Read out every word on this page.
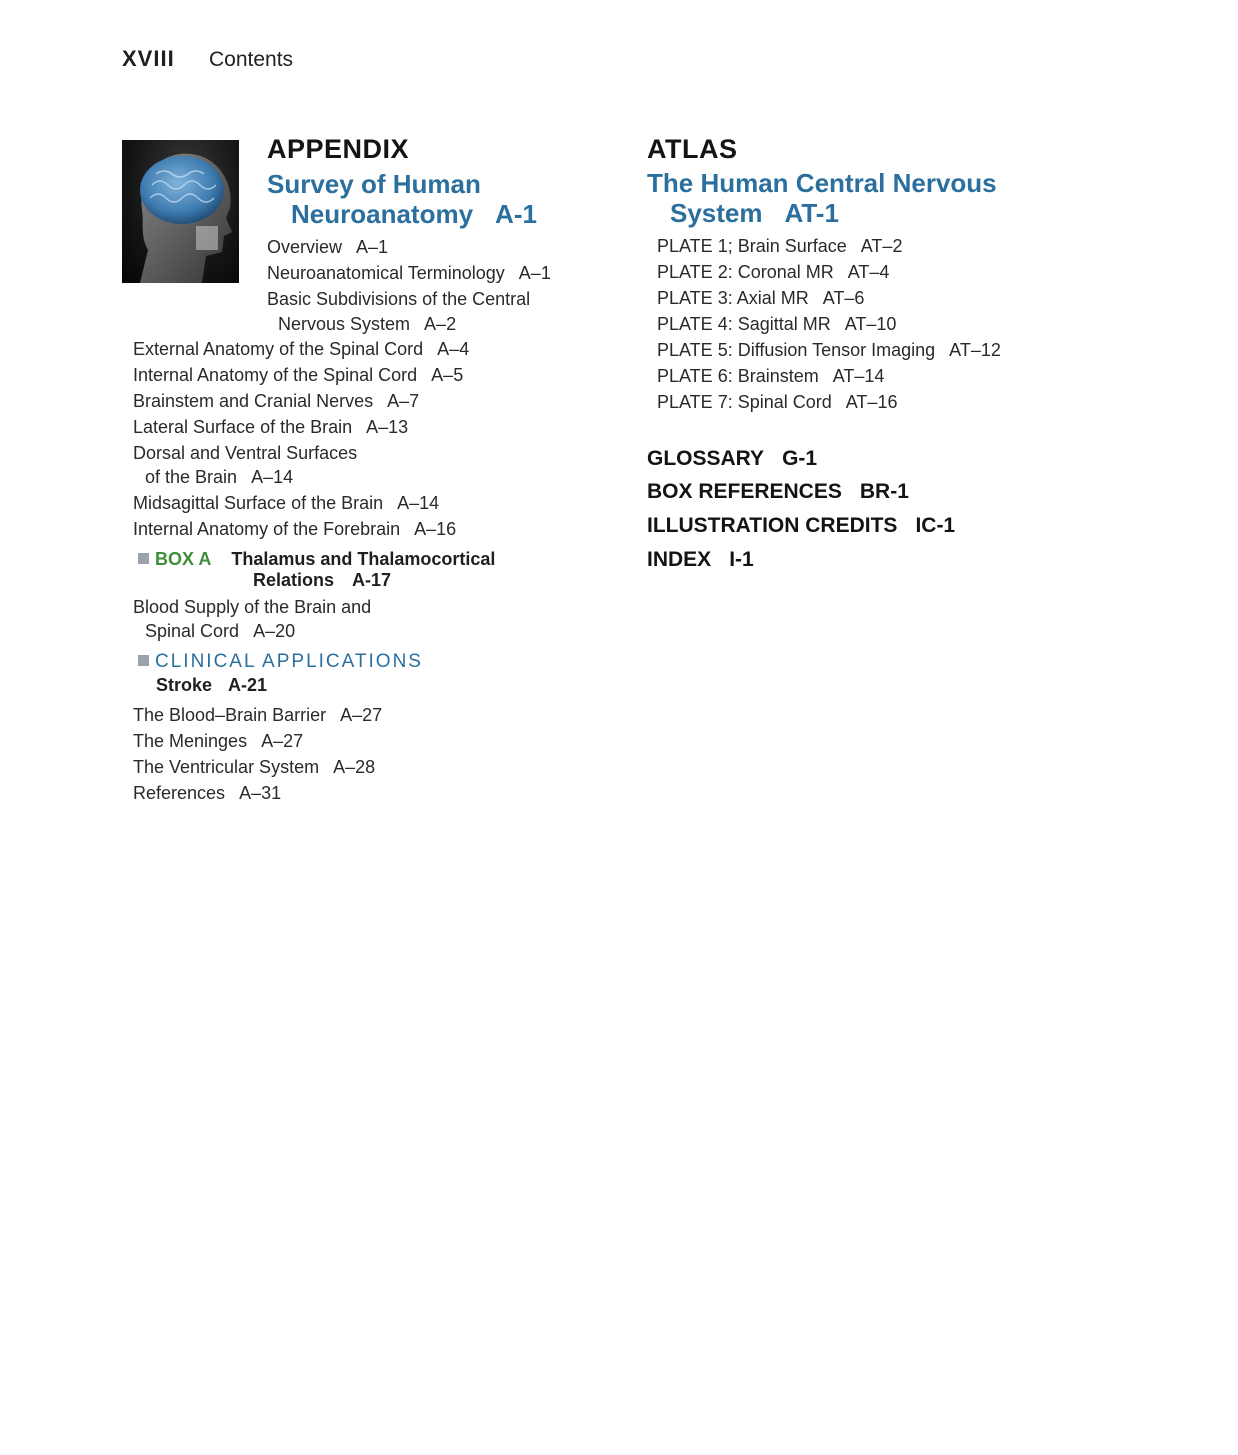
XVIII Contents
APPENDIX
Survey of Human
Neuroanatomy A-1
Overview A–1
Neuroanatomical Terminology A–1
Basic Subdivisions of the Central
Nervous System A–2
External Anatomy of the Spinal Cord A–4
Internal Anatomy of the Spinal Cord A–5
Brainstem and Cranial Nerves A–7
Lateral Surface of the Brain A–13
Dorsal and Ventral Surfaces
of the Brain A–14
Midsagittal Surface of the Brain A–14
Internal Anatomy of the Forebrain A–16
BOX A Thalamus and Thalamocortical
Relations A-17
Blood Supply of the Brain and
Spinal Cord A–20
CLINICAL APPLICATIONS
Stroke A-21
The Blood–Brain Barrier A–27
The Meninges A–27
The Ventricular System A–28
References A–31
ATLAS
The Human Central Nervous
System AT-1
PLATE 1; Brain Surface AT–2
PLATE 2: Coronal MR AT–4
PLATE 3: Axial MR AT–6
PLATE 4: Sagittal MR AT–10
PLATE 5: Diffusion Tensor Imaging AT–12
PLATE 6: Brainstem AT–14
PLATE 7: Spinal Cord AT–16
GLOSSARY G-1
BOX REFERENCES BR-1
ILLUSTRATION CREDITS IC-1
INDEX I-1
